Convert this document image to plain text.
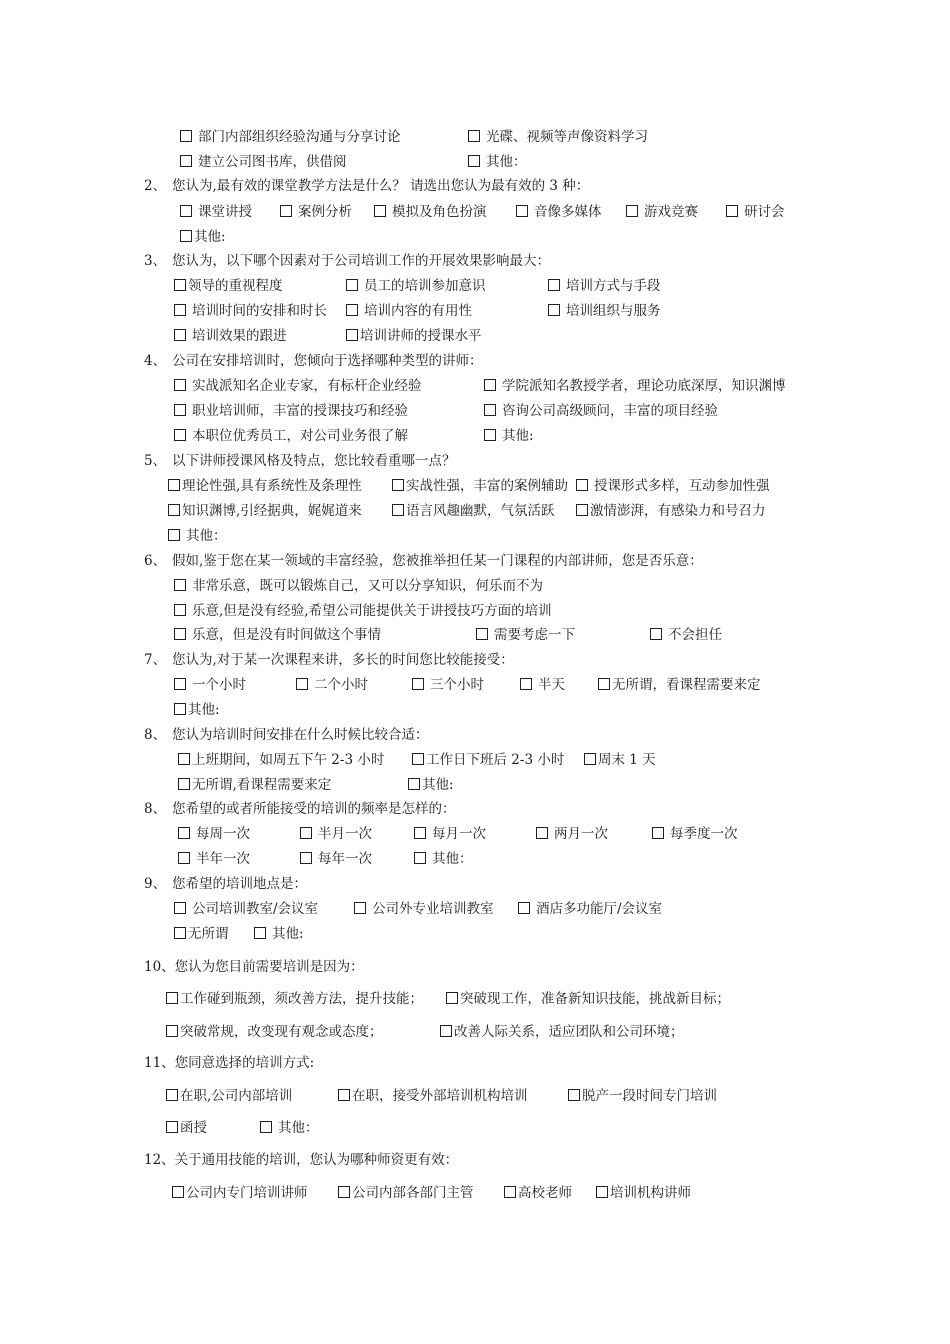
部门内部组织经验沟通与分享讨论	光碟、视频等声像资料学习
建立公司图书库，供借阅	其他：
2、 您认为,最有效的课堂教学方法是什么？ 请选出您认为最有效的 3 种：
课堂讲授	案例分析	模拟及角色扮演	音像多媒体	游戏竞赛	研讨会
其他:
3、 您认为，以下哪个因素对于公司培训工作的开展效果影响最大：
领导的重视程度	员工的培训参加意识	培训方式与手段
培训时间的安排和时长	培训内容的有用性	培训组织与服务
培训效果的跟进	培训讲师的授课水平
4、 公司在安排培训时，您倾向于选择哪种类型的讲师：
实战派知名企业专家，有标杆企业经验	学院派知名教授学者，理论功底深厚，知识渊博
职业培训师，丰富的授课技巧和经验	咨询公司高级顾问，丰富的项目经验
本职位优秀员工，对公司业务很了解	其他:
5、 以下讲师授课风格及特点，您比较看重哪一点？
理论性强,具有系统性及条理性	实战性强，丰富的案例辅助	授课形式多样，互动参加性强
知识渊博,引经据典，娓娓道来	语言风趣幽默，气氛活跃	激情澎湃，有感染力和号召力
其他：
6、 假如,鉴于您在某一领域的丰富经验，您被推举担任某一门课程的内部讲师，您是否乐意：
非常乐意，既可以锻炼自己，又可以分享知识，何乐而不为
乐意,但是没有经验,希望公司能提供关于讲授技巧方面的培训
乐意，但是没有时间做这个事情	需要考虑一下	不会担任
7、 您认为,对于某一次课程来讲，多长的时间您比较能接受：
一个小时	二个小时	三个小时	半天	无所谓，看课程需要来定
其他:
8、 您认为培训时间安排在什么时候比较合适：
上班期间，如周五下午 2-3 小时	工作日下班后 2-3 小时	周末 1 天
无所谓,看课程需要来定	其他:
8、 您希望的或者所能接受的培训的频率是怎样的：
每周一次	半月一次	每月一次	两月一次	每季度一次
半年一次	每年一次	其他：
9、 您希望的培训地点是：
公司培训教室/会议室	公司外专业培训教室	酒店多功能厅/会议室
无所谓	其他:
10、您认为您目前需要培训是因为：
工作碰到瓶颈，须改善方法，提升技能；	突破现工作，准备新知识技能，挑战新目标；
突破常规，改变现有观念或态度；	改善人际关系，适应团队和公司环境；
11、您同意选择的培训方式:
在职,公司内部培训	在职，接受外部培训机构培训	脱产一段时间专门培训
函授	其他：
12、关于通用技能的培训，您认为哪种师资更有效：
公司内专门培训讲师	公司内部各部门主管	高校老师	培训机构讲师
